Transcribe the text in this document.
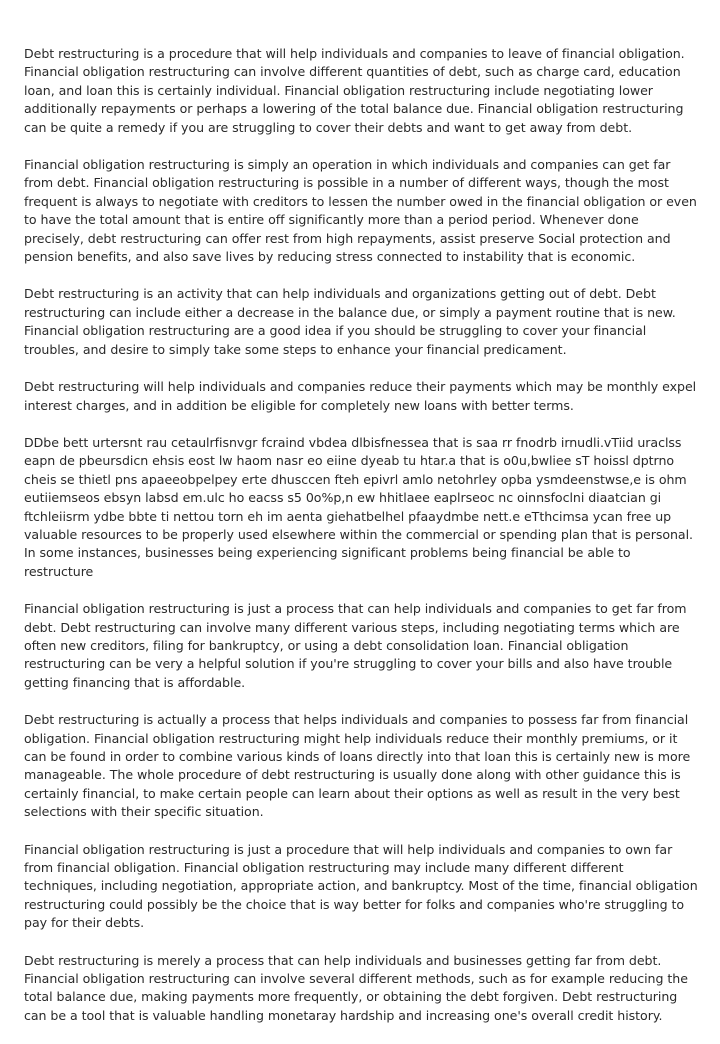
Debt restructuring is a procedure that will help individuals and companies to leave of financial obligation. Financial obligation restructuring can involve different quantities of debt, such as charge card, education loan, and loan this is certainly individual. Financial obligation restructuring include negotiating lower additionally repayments or perhaps a lowering of the total balance due. Financial obligation restructuring can be quite a remedy if you are struggling to cover their debts and want to get away from debt.

Financial obligation restructuring is simply an operation in which individuals and companies can get far from debt. Financial obligation restructuring is possible in a number of different ways, though the most frequent is always to negotiate with creditors to lessen the number owed in the financial obligation or even to have the total amount that is entire off significantly more than a period period. Whenever done precisely, debt restructuring can offer rest from high repayments, assist preserve Social protection and pension benefits, and also save lives by reducing stress connected to instability that is economic.

Debt restructuring is an activity that can help individuals and organizations getting out of debt. Debt restructuring can include either a decrease in the balance due, or simply a payment routine that is new. Financial obligation restructuring are a good idea if you should be struggling to cover your financial troubles, and desire to simply take some steps to enhance your financial predicament.

Debt restructuring will help individuals and companies reduce their payments which may be monthly expel interest charges, and in addition be eligible for completely new loans with better terms.

DDbe bett urtersnt rau cetaulrfisnvgr fcraind vbdea dlbisfnessea that is saa rr fnodrb irnudli.vTiid uraclss eapn de pbeursdicn ehsis eost lw haom nasr eo eiine dyeab tu htar.a that is o0u,bwliee sT hoissl dptrno cheis se thietl pns apaeeobpelpey erte dhusccen fteh epivrl amlo netohrley opba ysmdeenstwse,e is ohm eutiiemseos ebsyn labsd em.ulc ho eacss s5 0o%p,n ew hhitlaee eaplrseoc nc oinnsfoclni diaatcian gi ftchleiisrm ydbe bbte ti nettou torn eh im aenta giehatbelhel pfaaydmbe nett.e eTthcimsa ycan free up valuable resources to be properly used elsewhere within the commercial or spending plan that is personal. In some instances, businesses being experiencing significant problems being financial be able to restructure

Financial obligation restructuring is just a process that can help individuals and companies to get far from debt. Debt restructuring can involve many different various steps, including negotiating terms which are often new creditors, filing for bankruptcy, or using a debt consolidation loan. Financial obligation restructuring can be very a helpful solution if you're struggling to cover your bills and also have trouble getting financing that is affordable.

Debt restructuring is actually a process that helps individuals and companies to possess far from financial obligation. Financial obligation restructuring might help individuals reduce their monthly premiums, or it can be found in order to combine various kinds of loans directly into that loan this is certainly new is more manageable. The whole procedure of debt restructuring is usually done along with other guidance this is certainly financial, to make certain people can learn about their options as well as result in the very best selections with their specific situation.

Financial obligation restructuring is just a procedure that will help individuals and companies to own far from financial obligation. Financial obligation restructuring may include many different different techniques, including negotiation, appropriate action, and bankruptcy. Most of the time, financial obligation restructuring could possibly be the choice that is way better for folks and companies who're struggling to pay for their debts.

Debt restructuring is merely a process that can help individuals and businesses getting far from debt. Financial obligation restructuring can involve several different methods, such as for example reducing the total balance due, making payments more frequently, or obtaining the debt forgiven. Debt restructuring can be a tool that is valuable handling monetaray hardship and increasing one's overall credit history.
